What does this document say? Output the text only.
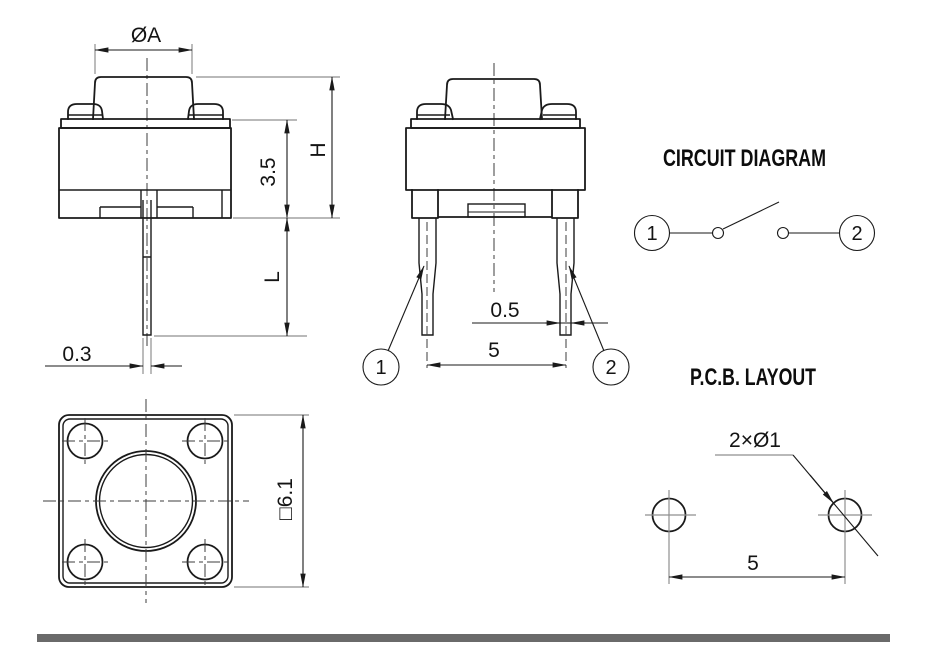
ØA
3.5
H
L
0.3
1	2
0.5
5
CIRCUIT DIAGRAM
1	2
□6.1
P.C.B. LAYOUT
2×Ø1
5
